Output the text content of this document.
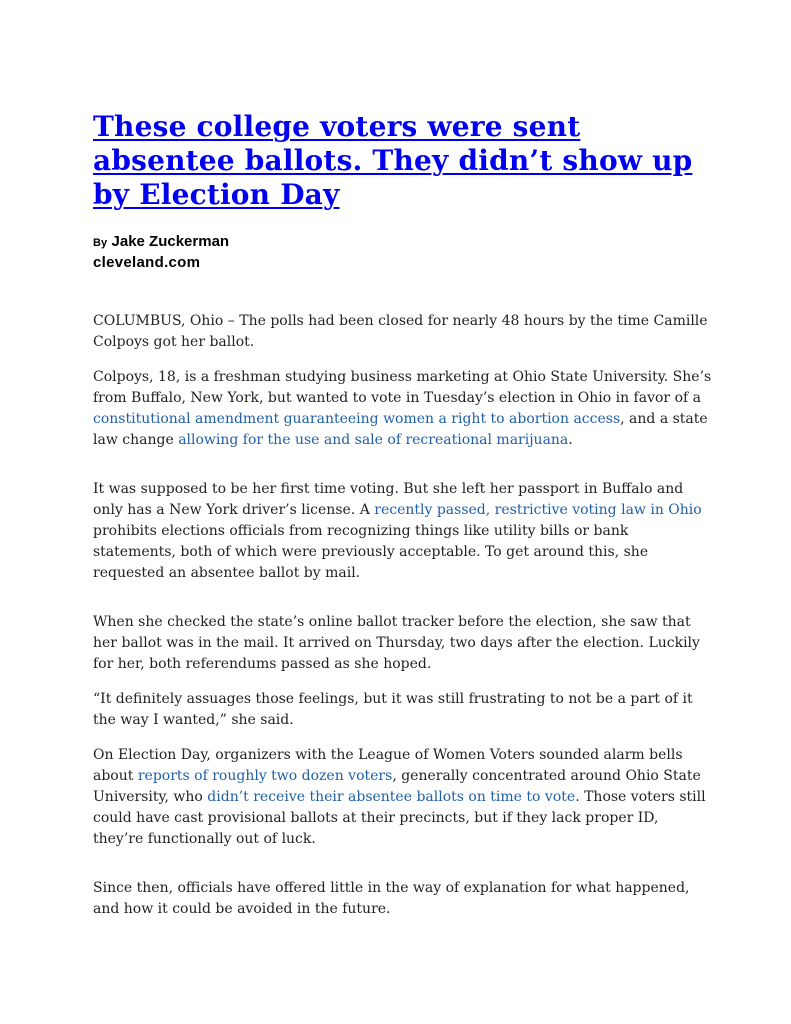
These college voters were sent absentee ballots. They didn’t show up by Election Day
By Jake Zuckerman
cleveland.com

COLUMBUS, Ohio – The polls had been closed for nearly 48 hours by the time Camille Colpoys got her ballot.

Colpoys, 18, is a freshman studying business marketing at Ohio State University. She’s from Buffalo, New York, but wanted to vote in Tuesday’s election in Ohio in favor of a constitutional amendment guaranteeing women a right to abortion access, and a state law change allowing for the use and sale of recreational marijuana.

It was supposed to be her first time voting. But she left her passport in Buffalo and only has a New York driver’s license. A recently passed, restrictive voting law in Ohio prohibits elections officials from recognizing things like utility bills or bank statements, both of which were previously acceptable. To get around this, she requested an absentee ballot by mail.

When she checked the state’s online ballot tracker before the election, she saw that her ballot was in the mail. It arrived on Thursday, two days after the election. Luckily for her, both referendums passed as she hoped.

“It definitely assuages those feelings, but it was still frustrating to not be a part of it the way I wanted,” she said.

On Election Day, organizers with the League of Women Voters sounded alarm bells about reports of roughly two dozen voters, generally concentrated around Ohio State University, who didn’t receive their absentee ballots on time to vote. Those voters still could have cast provisional ballots at their precincts, but if they lack proper ID, they’re functionally out of luck.

Since then, officials have offered little in the way of explanation for what happened, and how it could be avoided in the future.
